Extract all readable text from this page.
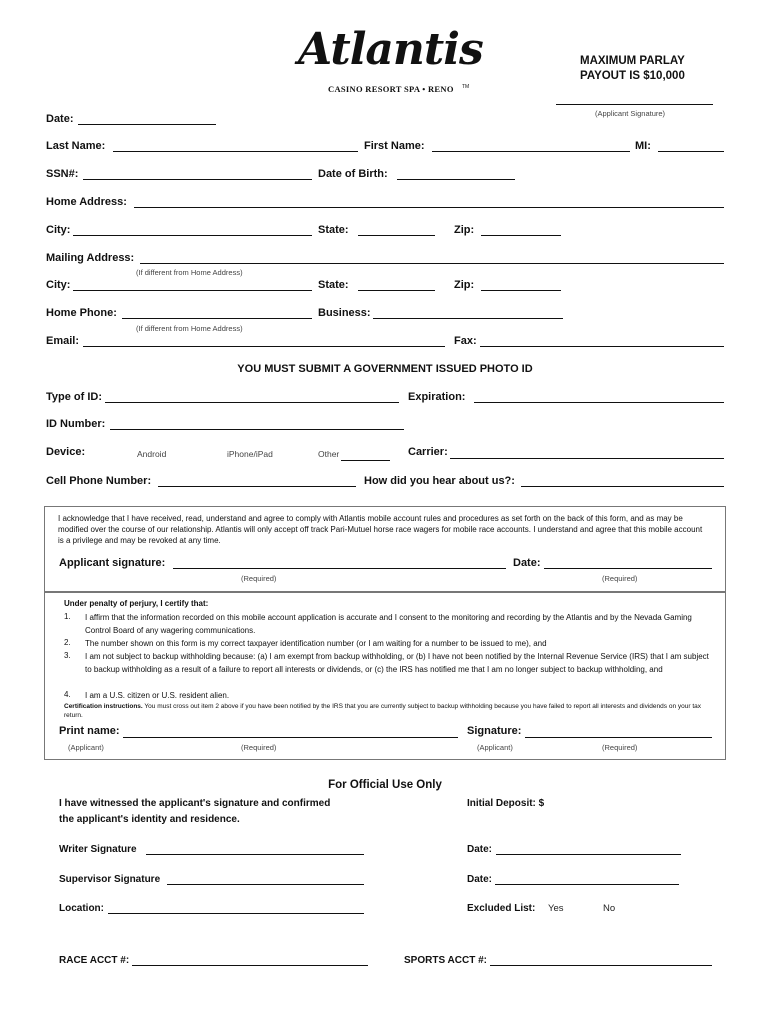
Atlantis
CASINO RESORT SPA • RENO TM
MAXIMUM PARLAY
PAYOUT IS $10,000
(Applicant Signature)
Date:
Last Name:	First Name:	MI:
SSN#:	Date of Birth:
Home Address:
City:	State:	Zip:
Mailing Address:
(If different from Home Address)
City:	State:	Zip:
Home Phone:	Business:
(If different from Home Address)
Email:	Fax:
YOU MUST SUBMIT A GOVERNMENT ISSUED PHOTO ID
Type of ID:	Expiration:
ID Number:
Device:	Android	iPhone/iPad	Other	Carrier:
Cell Phone Number:	How did you hear about us?:
I acknowledge that I have received, read, understand and agree to comply with Atlantis mobile account rules and procedures as set forth on the back of this form, and as may be modified over the course of our relationship. Atlantis will only accept off track Pari-Mutuel horse race wagers for mobile race accounts. I understand and agree that this mobile account is a privilege and may be revoked at any time.
Applicant signature:	Date:
(Required)	(Required)
Under penalty of perjury, I certify that:
1. I affirm that the information recorded on this mobile account application is accurate and I consent to the monitoring and recording by the Atlantis and by the Nevada Gaming Control Board of any wagering communications.
2. The number shown on this form is my correct taxpayer identification number (or I am waiting for a number to be issued to me), and
3. I am not subject to backup withholding because: (a) I am exempt from backup withholding, or (b) I have not been notified by the Internal Revenue Service (IRS) that I am subject to backup withholding as a result of a failure to report all interests or dividends, or (c) the IRS has notified me that I am no longer subject to backup withholding, and
4. I am a U.S. citizen or U.S. resident alien.
Certification instructions. You must cross out item 2 above if you have been notified by the IRS that you are currently subject to backup withholding because you have failed to report all interests and dividends on your tax return.
Print name:	Signature:
(Applicant)	(Required)	(Applicant)	(Required)
For Official Use Only
I have witnessed the applicant's signature and confirmed
the applicant's identity and residence.
Initial Deposit: $
Writer Signature	Date:
Supervisor Signature	Date:
Location:	Excluded List: Yes	No
RACE ACCT #:	SPORTS ACCT #:
